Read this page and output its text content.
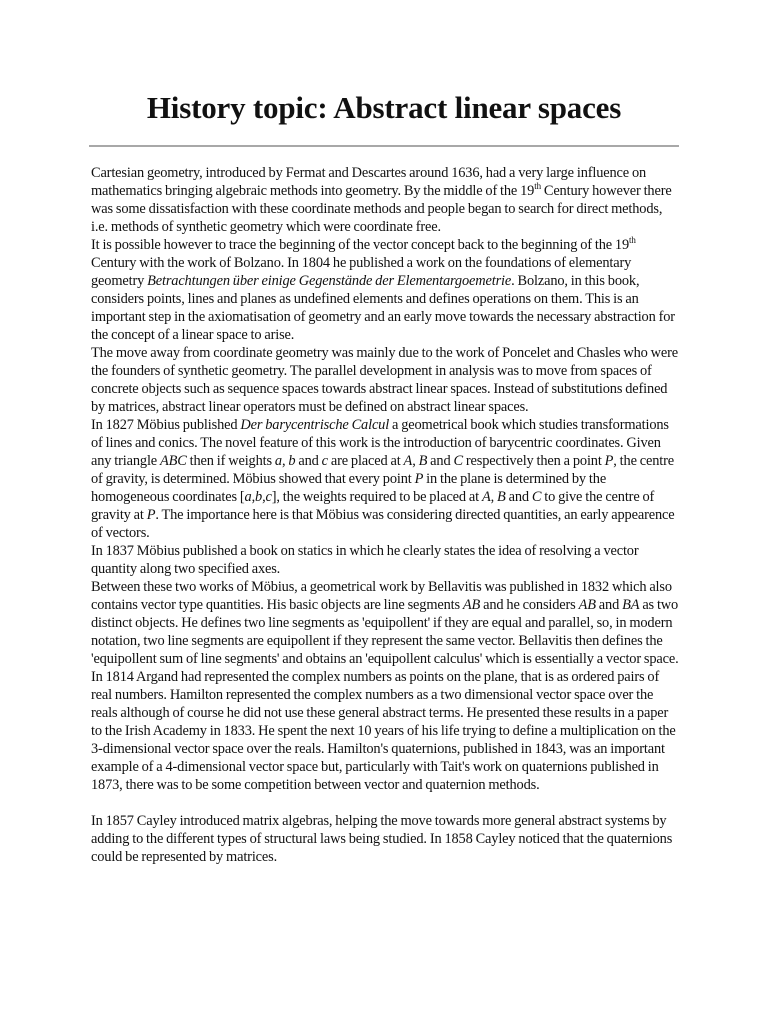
History topic: Abstract linear spaces

Cartesian geometry, introduced by Fermat and Descartes around 1636, had a very large influence on mathematics bringing algebraic methods into geometry. By the middle of the 19th Century however there was some dissatisfaction with these coordinate methods and people began to search for direct methods, i.e. methods of synthetic geometry which were coordinate free.

It is possible however to trace the beginning of the vector concept back to the beginning of the 19th Century with the work of Bolzano. In 1804 he published a work on the foundations of elementary geometry Betrachtungen über einige Gegenstände der Elementargoemetrie. Bolzano, in this book, considers points, lines and planes as undefined elements and defines operations on them. This is an important step in the axiomatisation of geometry and an early move towards the necessary abstraction for the concept of a linear space to arise.

The move away from coordinate geometry was mainly due to the work of Poncelet and Chasles who were the founders of synthetic geometry. The parallel development in analysis was to move from spaces of concrete objects such as sequence spaces towards abstract linear spaces. Instead of substitutions defined by matrices, abstract linear operators must be defined on abstract linear spaces.

In 1827 Möbius published Der barycentrische Calcul a geometrical book which studies transformations of lines and conics. The novel feature of this work is the introduction of barycentric coordinates. Given any triangle ABC then if weights a, b and c are placed at A, B and C respectively then a point P, the centre of gravity, is determined. Möbius showed that every point P in the plane is determined by the homogeneous coordinates [a,b,c], the weights required to be placed at A, B and C to give the centre of gravity at P. The importance here is that Möbius was considering directed quantities, an early appearence of vectors.

In 1837 Möbius published a book on statics in which he clearly states the idea of resolving a vector quantity along two specified axes.

Between these two works of Möbius, a geometrical work by Bellavitis was published in 1832 which also contains vector type quantities. His basic objects are line segments AB and he considers AB and BA as two distinct objects. He defines two line segments as 'equipollent' if they are equal and parallel, so, in modern notation, two line segments are equipollent if they represent the same vector. Bellavitis then defines the 'equipollent sum of line segments' and obtains an 'equipollent calculus' which is essentially a vector space.

In 1814 Argand had represented the complex numbers as points on the plane, that is as ordered pairs of real numbers. Hamilton represented the complex numbers as a two dimensional vector space over the reals although of course he did not use these general abstract terms. He presented these results in a paper to the Irish Academy in 1833. He spent the next 10 years of his life trying to define a multiplication on the 3-dimensional vector space over the reals. Hamilton's quaternions, published in 1843, was an important example of a 4-dimensional vector space but, particularly with Tait's work on quaternions published in 1873, there was to be some competition between vector and quaternion methods.

In 1857 Cayley introduced matrix algebras, helping the move towards more general abstract systems by adding to the different types of structural laws being studied. In 1858 Cayley noticed that the quaternions could be represented by matrices.
